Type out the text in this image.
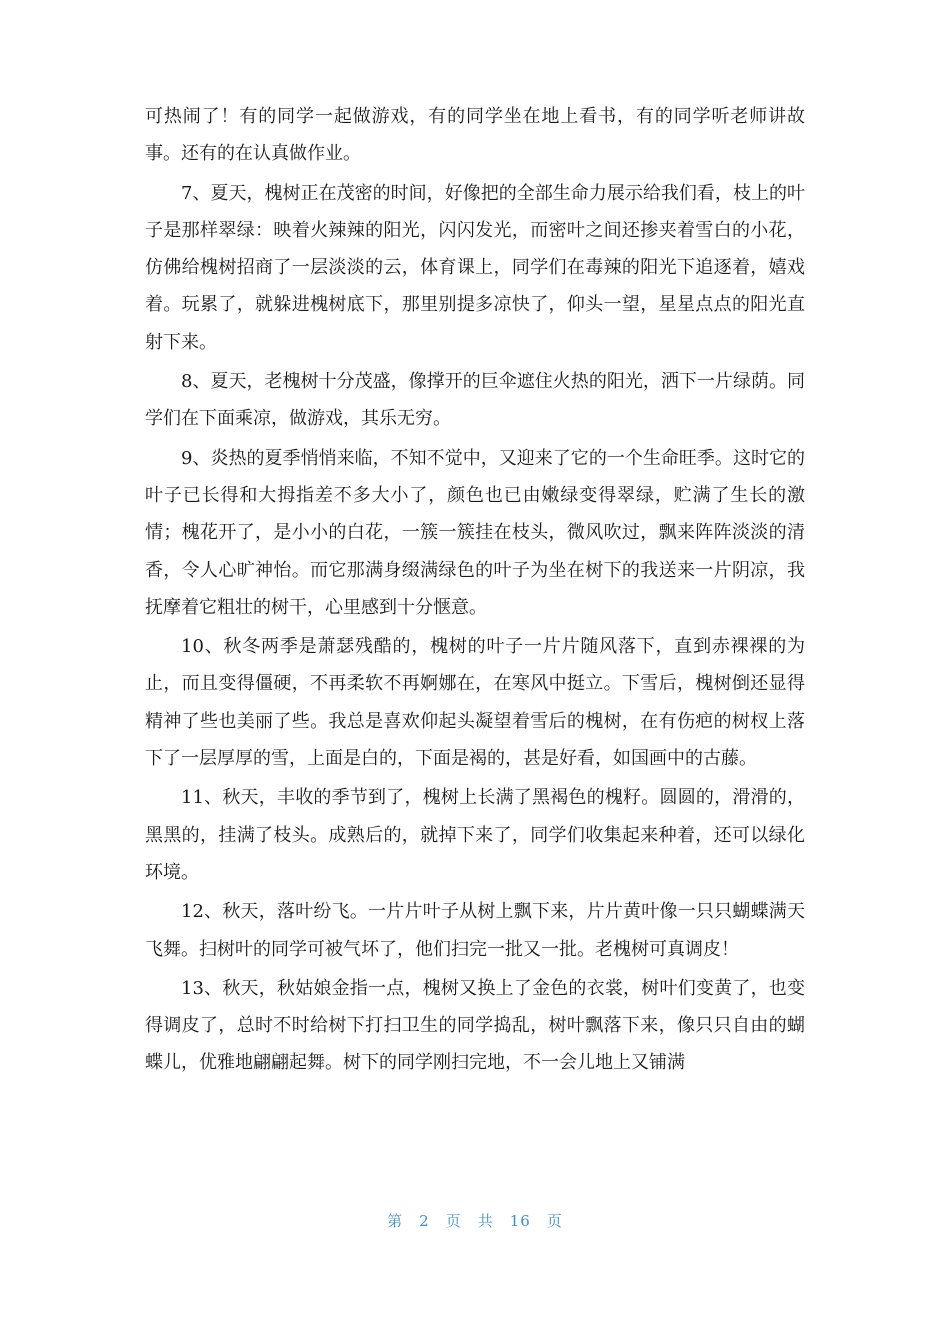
可热闹了！有的同学一起做游戏，有的同学坐在地上看书，有的同学听老师讲故事。还有的在认真做作业。

7、夏天，槐树正在茂密的时间，好像把的全部生命力展示给我们看，枝上的叶子是那样翠绿：映着火辣辣的阳光，闪闪发光，而密叶之间还掺夹着雪白的小花，仿佛给槐树招商了一层淡淡的云，体育课上，同学们在毒辣的阳光下追逐着，嬉戏着。玩累了，就躲进槐树底下，那里别提多凉快了，仰头一望，星星点点的阳光直射下来。

8、夏天，老槐树十分茂盛，像撑开的巨伞遮住火热的阳光，洒下一片绿荫。同学们在下面乘凉，做游戏，其乐无穷。

9、炎热的夏季悄悄来临，不知不觉中，又迎来了它的一个生命旺季。这时它的叶子已长得和大拇指差不多大小了，颜色也已由嫩绿变得翠绿，贮满了生长的激情；槐花开了，是小小的白花，一簇一簇挂在枝头，微风吹过，飘来阵阵淡淡的清香，令人心旷神怡。而它那满身缀满绿色的叶子为坐在树下的我送来一片阴凉，我抚摩着它粗壮的树干，心里感到十分惬意。

10、秋冬两季是萧瑟残酷的，槐树的叶子一片片随风落下，直到赤裸裸的为止，而且变得僵硬，不再柔软不再婀娜在，在寒风中挺立。下雪后，槐树倒还显得精神了些也美丽了些。我总是喜欢仰起头凝望着雪后的槐树，在有伤疤的树杈上落下了一层厚厚的雪，上面是白的，下面是褐的，甚是好看，如国画中的古藤。

11、秋天，丰收的季节到了，槐树上长满了黑褐色的槐籽。圆圆的，滑滑的，黑黑的，挂满了枝头。成熟后的，就掉下来了，同学们收集起来种着，还可以绿化环境。

12、秋天，落叶纷飞。一片片叶子从树上飘下来，片片黄叶像一只只蝴蝶满天飞舞。扫树叶的同学可被气坏了，他们扫完一批又一批。老槐树可真调皮！

13、秋天，秋姑娘金指一点，槐树又换上了金色的衣裳，树叶们变黄了，也变得调皮了，总时不时给树下打扫卫生的同学捣乱，树叶飘落下来，像只只自由的蝴蝶儿，优雅地翩翩起舞。树下的同学刚扫完地，不一会儿地上又铺满

第 2 页 共 16 页
